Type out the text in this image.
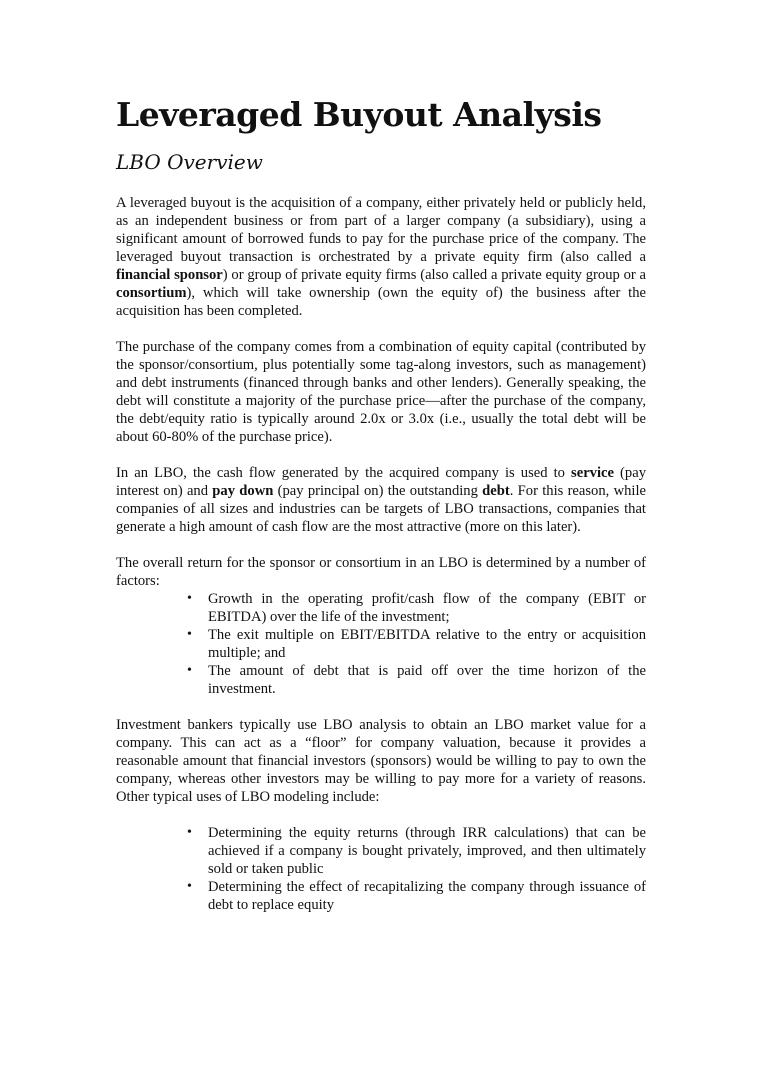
Leveraged Buyout Analysis
LBO Overview

A leveraged buyout is the acquisition of a company, either privately held or publicly held, as an independent business or from part of a larger company (a subsidiary), using a significant amount of borrowed funds to pay for the purchase price of the company. The leveraged buyout transaction is orchestrated by a private equity firm (also called a financial sponsor) or group of private equity firms (also called a private equity group or a consortium), which will take ownership (own the equity of) the business after the acquisition has been completed.

The purchase of the company comes from a combination of equity capital (contributed by the sponsor/consortium, plus potentially some tag-along investors, such as management) and debt instruments (financed through banks and other lenders). Generally speaking, the debt will constitute a majority of the purchase price—after the purchase of the company, the debt/equity ratio is typically around 2.0x or 3.0x (i.e., usually the total debt will be about 60-80% of the purchase price).

In an LBO, the cash flow generated by the acquired company is used to service (pay interest on) and pay down (pay principal on) the outstanding debt. For this reason, while companies of all sizes and industries can be targets of LBO transactions, companies that generate a high amount of cash flow are the most attractive (more on this later).

The overall return for the sponsor or consortium in an LBO is determined by a number of factors:

• Growth in the operating profit/cash flow of the company (EBIT or EBITDA) over the life of the investment;
• The exit multiple on EBIT/EBITDA relative to the entry or acquisition multiple; and
• The amount of debt that is paid off over the time horizon of the investment.

Investment bankers typically use LBO analysis to obtain an LBO market value for a company. This can act as a “floor” for company valuation, because it provides a reasonable amount that financial investors (sponsors) would be willing to pay to own the company, whereas other investors may be willing to pay more for a variety of reasons. Other typical uses of LBO modeling include:

• Determining the equity returns (through IRR calculations) that can be achieved if a company is bought privately, improved, and then ultimately sold or taken public
• Determining the effect of recapitalizing the company through issuance of debt to replace equity
